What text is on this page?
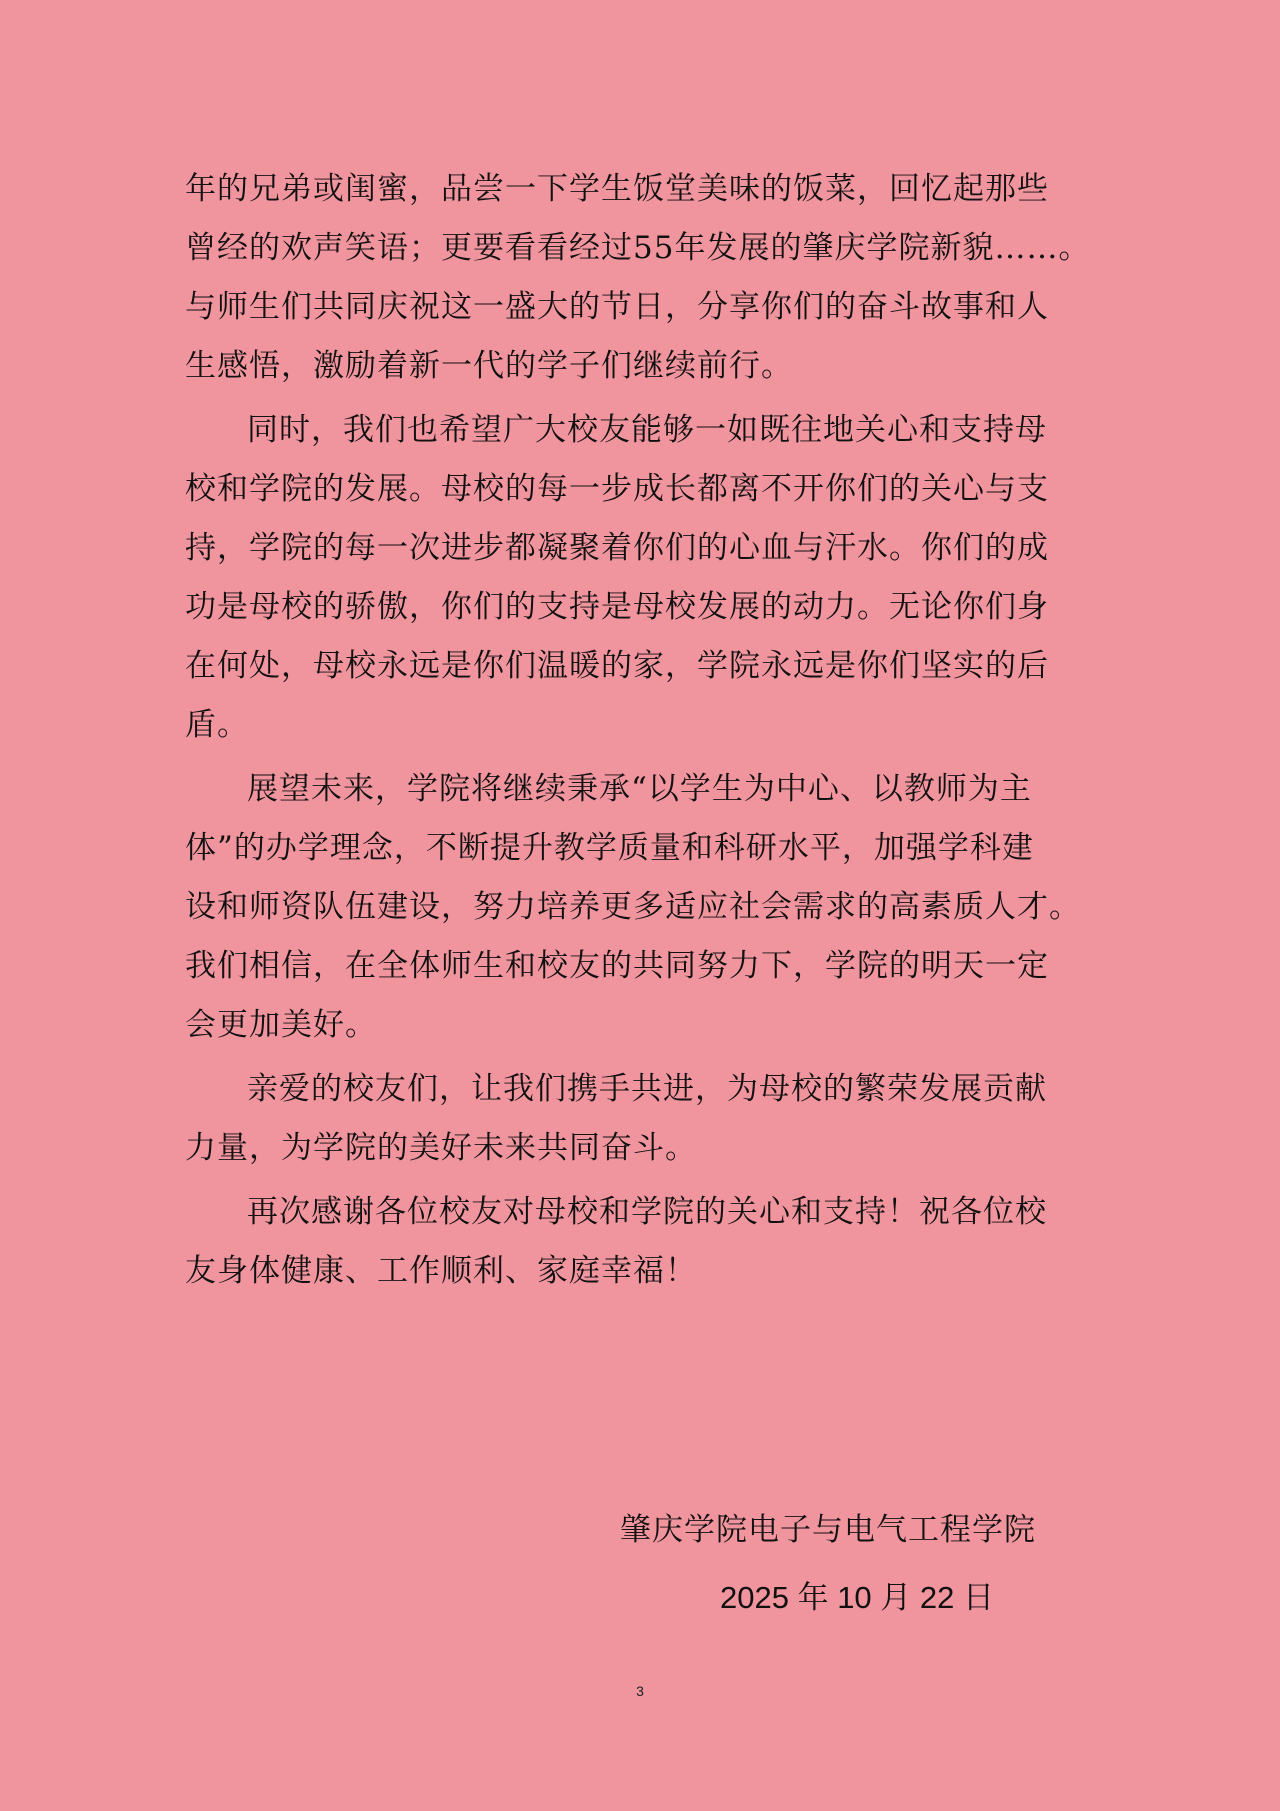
年的兄弟或闺蜜，品尝一下学生饭堂美味的饭菜，回忆起那些
曾经的欢声笑语；更要看看经过55年发展的肇庆学院新貌……。
与师生们共同庆祝这一盛大的节日，分享你们的奋斗故事和人
生感悟，激励着新一代的学子们继续前行。
同时，我们也希望广大校友能够一如既往地关心和支持母
校和学院的发展。母校的每一步成长都离不开你们的关心与支
持，学院的每一次进步都凝聚着你们的心血与汗水。你们的成
功是母校的骄傲，你们的支持是母校发展的动力。无论你们身
在何处，母校永远是你们温暖的家，学院永远是你们坚实的后
盾。
展望未来，学院将继续秉承“以学生为中心、以教师为主
体”的办学理念，不断提升教学质量和科研水平，加强学科建
设和师资队伍建设，努力培养更多适应社会需求的高素质人才。
我们相信，在全体师生和校友的共同努力下，学院的明天一定
会更加美好。
亲爱的校友们，让我们携手共进，为母校的繁荣发展贡献
力量，为学院的美好未来共同奋斗。
再次感谢各位校友对母校和学院的关心和支持！祝各位校
友身体健康、工作顺利、家庭幸福！
肇庆学院电子与电气工程学院
2025 年 10 月 22 日
3
